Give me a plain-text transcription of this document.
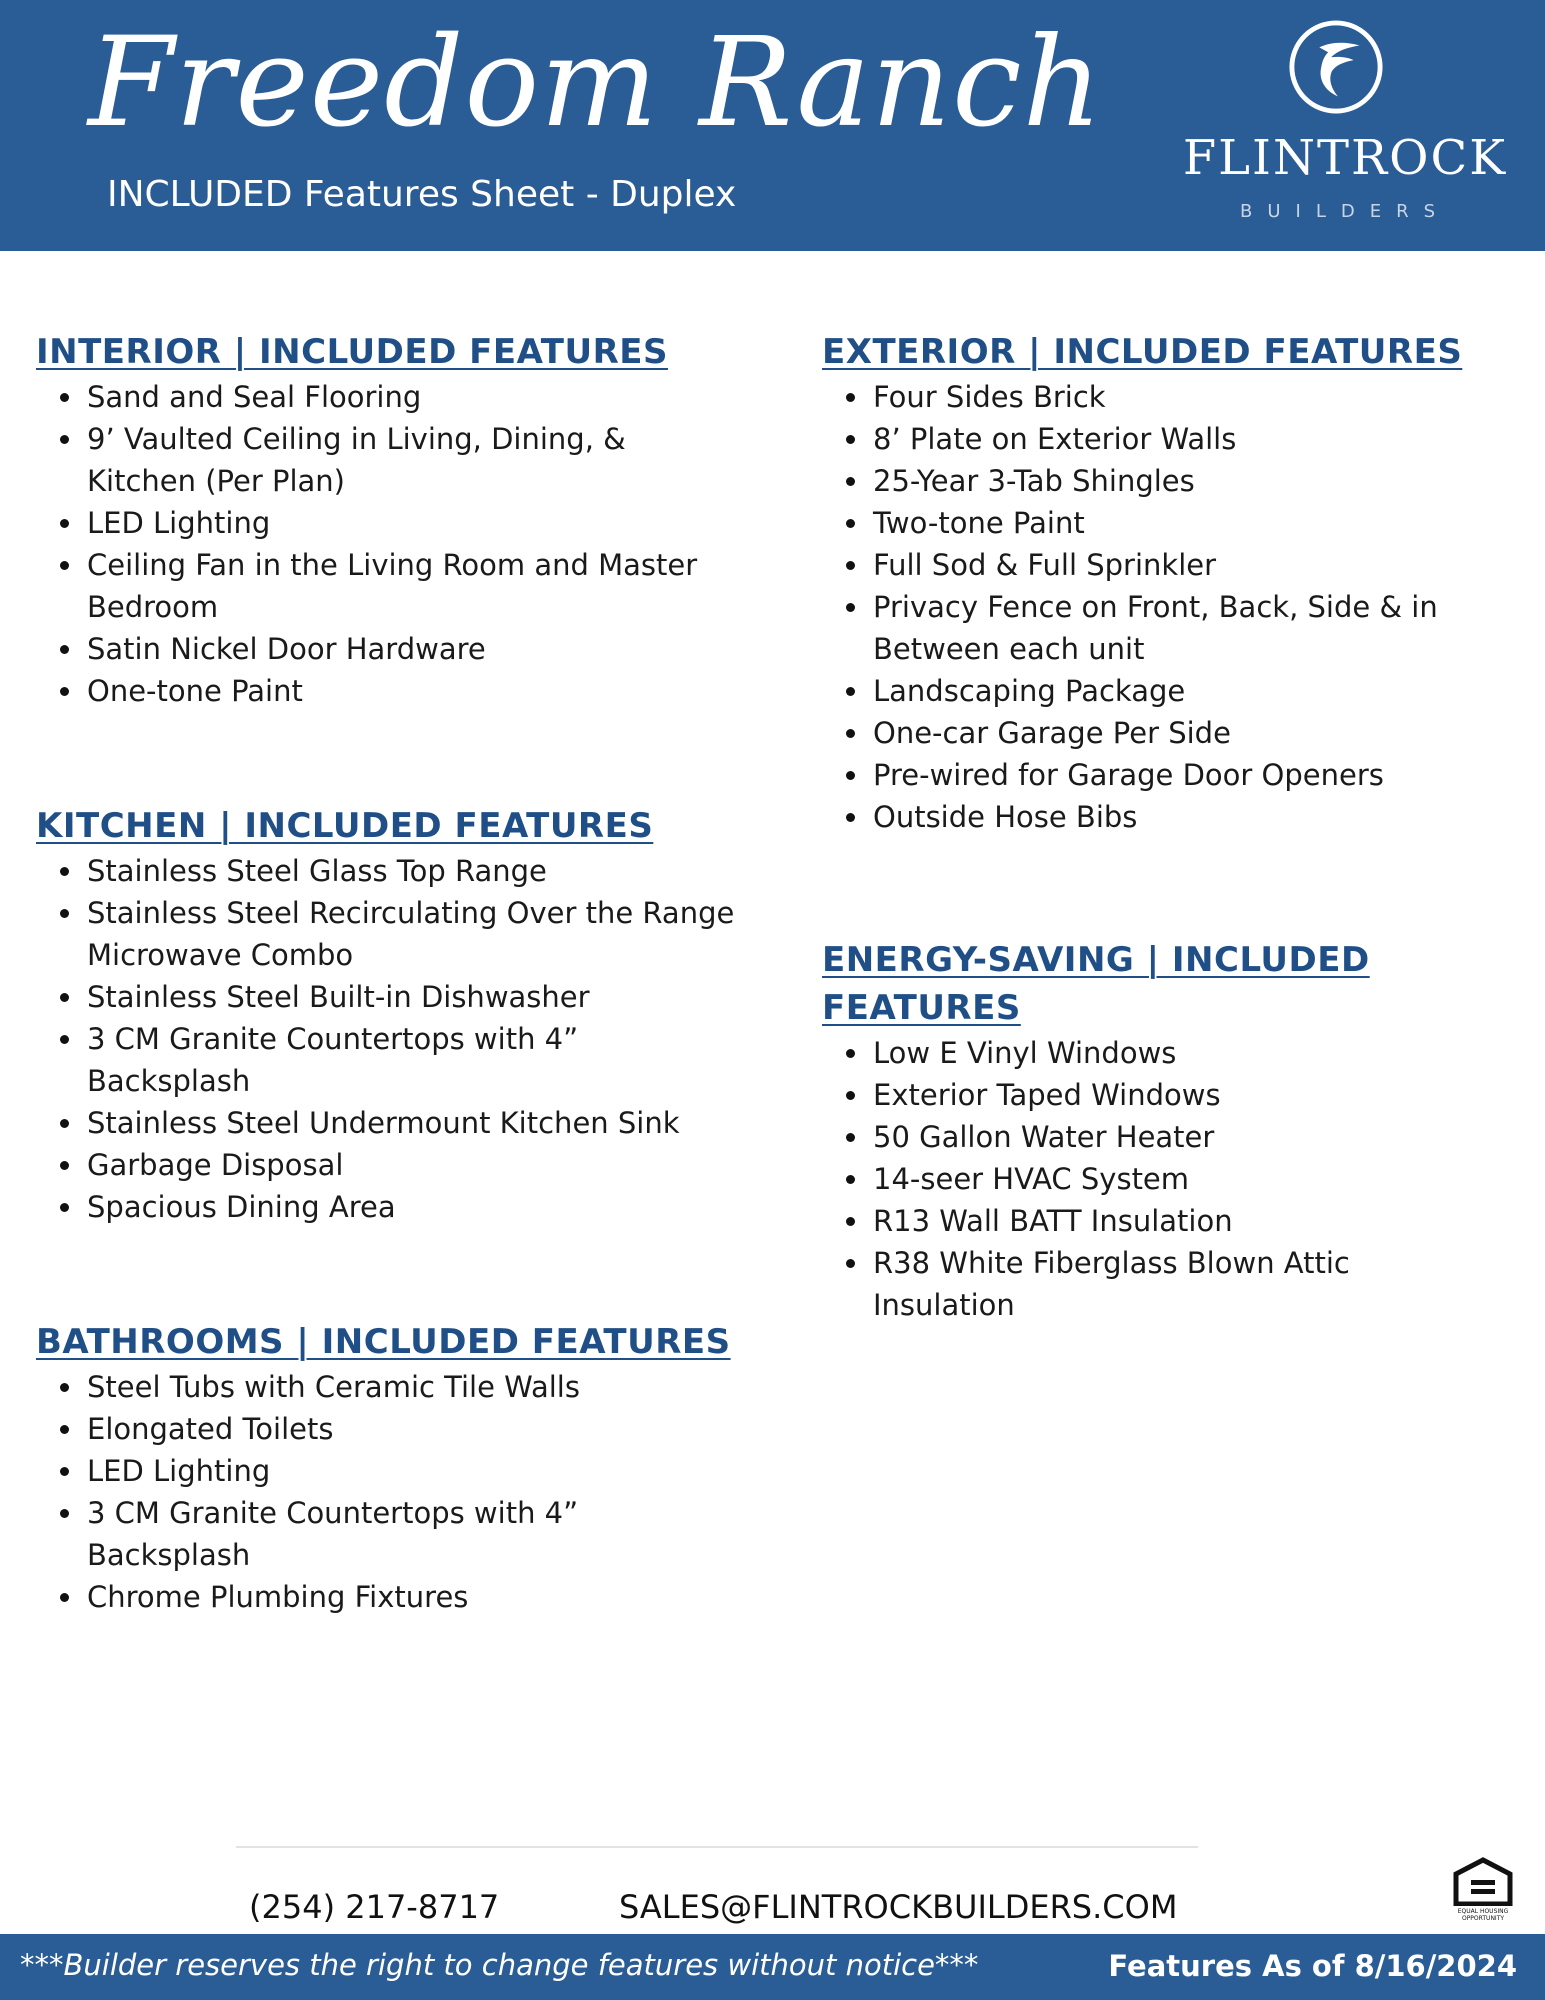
Freedom Ranch
INCLUDED Features Sheet - Duplex
FLINTROCK
BUILDERS
INTERIOR | INCLUDED FEATURES
Sand and Seal Flooring
9’ Vaulted Ceiling in Living, Dining, & Kitchen (Per Plan)
LED Lighting
Ceiling Fan in the Living Room and Master Bedroom
Satin Nickel Door Hardware
One-tone Paint
KITCHEN | INCLUDED FEATURES
Stainless Steel Glass Top Range
Stainless Steel Recirculating Over the Range Microwave Combo
Stainless Steel Built-in Dishwasher
3 CM Granite Countertops with 4” Backsplash
Stainless Steel Undermount Kitchen Sink
Garbage Disposal
Spacious Dining Area
BATHROOMS | INCLUDED FEATURES
Steel Tubs with Ceramic Tile Walls
Elongated Toilets
LED Lighting
3 CM Granite Countertops with 4” Backsplash
Chrome Plumbing Fixtures
EXTERIOR | INCLUDED FEATURES
Four Sides Brick
8’ Plate on Exterior Walls
25-Year 3-Tab Shingles
Two-tone Paint
Full Sod & Full Sprinkler
Privacy Fence on Front, Back, Side & in Between each unit
Landscaping Package
One-car Garage Per Side
Pre-wired for Garage Door Openers
Outside Hose Bibs
ENERGY-SAVING | INCLUDED FEATURES
Low E Vinyl Windows
Exterior Taped Windows
50 Gallon Water Heater
14-seer HVAC System
R13 Wall BATT Insulation
R38 White Fiberglass Blown Attic Insulation
(254) 217-8717	SALES@FLINTROCKBUILDERS.COM	EQUAL HOUSING OPPORTUNITY
***Builder reserves the right to change features without notice***	Features As of 8/16/2024
